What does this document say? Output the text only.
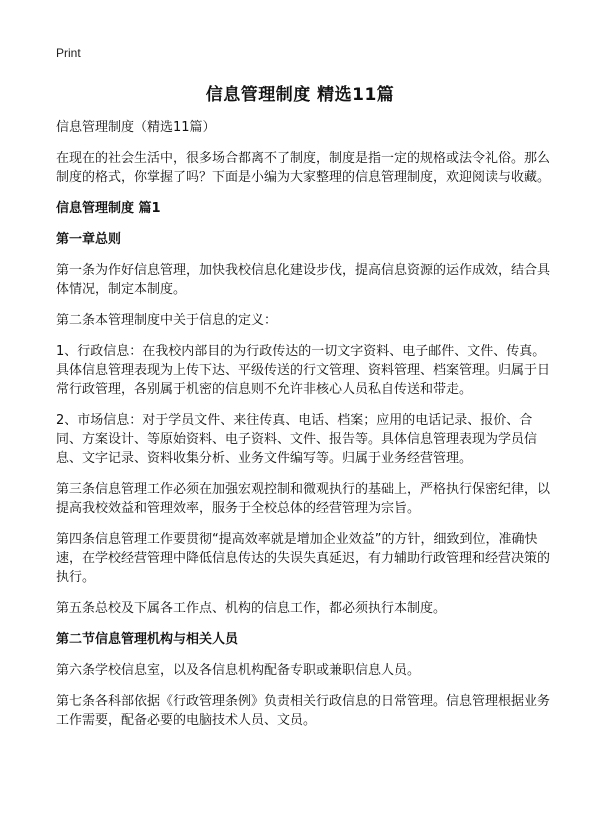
Print
信息管理制度 精选11篇

信息管理制度（精选11篇）

在现在的社会生活中，很多场合都离不了制度，制度是指一定的规格或法令礼俗。那么制度的格式，你掌握了吗？下面是小编为大家整理的信息管理制度，欢迎阅读与收藏。

信息管理制度 篇1
第一章总则

第一条为作好信息管理，加快我校信息化建设步伐，提高信息资源的运作成效，结合具体情况，制定本制度。

第二条本管理制度中关于信息的定义：

1、行政信息：在我校内部目的为行政传达的一切文字资料、电子邮件、文件、传真。具体信息管理表现为上传下达、平级传送的行文管理、资料管理、档案管理。归属于日常行政管理，各别属于机密的信息则不允许非核心人员私自传送和带走。

2、市场信息：对于学员文件、来往传真、电话、档案；应用的电话记录、报价、合同、方案设计、等原始资料、电子资料、文件、报告等。具体信息管理表现为学员信息、文字记录、资料收集分析、业务文件编写等。归属于业务经营管理。

第三条信息管理工作必须在加强宏观控制和微观执行的基础上，严格执行保密纪律，以提高我校效益和管理效率，服务于全校总体的经营管理为宗旨。

第四条信息管理工作要贯彻“提高效率就是增加企业效益”的方针，细致到位，准确快速，在学校经营管理中降低信息传达的失误失真延迟，有力辅助行政管理和经营决策的执行。

第五条总校及下属各工作点、机构的信息工作，都必须执行本制度。

第二节信息管理机构与相关人员

第六条学校信息室，以及各信息机构配备专职或兼职信息人员。

第七条各科部依据《行政管理条例》负责相关行政信息的日常管理。信息管理根据业务工作需要，配备必要的电脑技术人员、文员。
